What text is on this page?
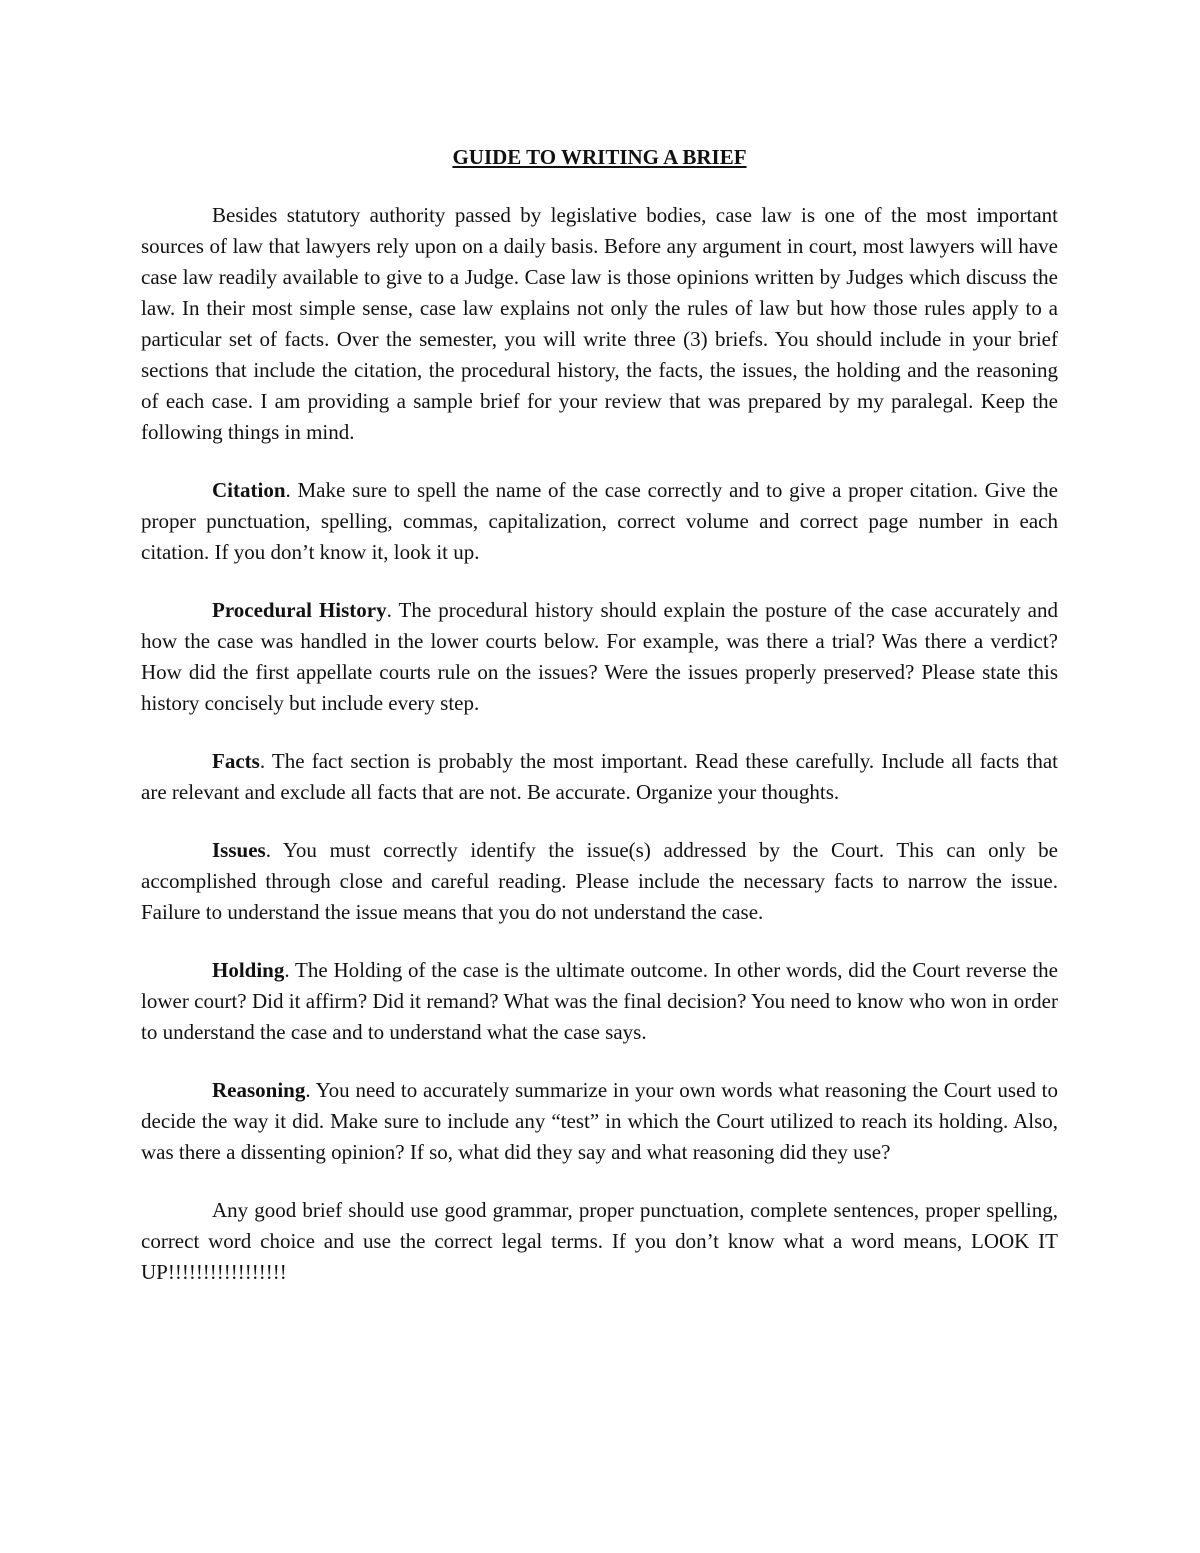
GUIDE TO WRITING A BRIEF

Besides statutory authority passed by legislative bodies, case law is one of the most important sources of law that lawyers rely upon on a daily basis. Before any argument in court, most lawyers will have case law readily available to give to a Judge. Case law is those opinions written by Judges which discuss the law. In their most simple sense, case law explains not only the rules of law but how those rules apply to a particular set of facts. Over the semester, you will write three (3) briefs. You should include in your brief sections that include the citation, the procedural history, the facts, the issues, the holding and the reasoning of each case. I am providing a sample brief for your review that was prepared by my paralegal. Keep the following things in mind.

Citation. Make sure to spell the name of the case correctly and to give a proper citation. Give the proper punctuation, spelling, commas, capitalization, correct volume and correct page number in each citation. If you don’t know it, look it up.

Procedural History. The procedural history should explain the posture of the case accurately and how the case was handled in the lower courts below. For example, was there a trial? Was there a verdict? How did the first appellate courts rule on the issues? Were the issues properly preserved? Please state this history concisely but include every step.

Facts. The fact section is probably the most important. Read these carefully. Include all facts that are relevant and exclude all facts that are not. Be accurate. Organize your thoughts.

Issues. You must correctly identify the issue(s) addressed by the Court. This can only be accomplished through close and careful reading. Please include the necessary facts to narrow the issue. Failure to understand the issue means that you do not understand the case.

Holding. The Holding of the case is the ultimate outcome. In other words, did the Court reverse the lower court? Did it affirm? Did it remand? What was the final decision? You need to know who won in order to understand the case and to understand what the case says.

Reasoning. You need to accurately summarize in your own words what reasoning the Court used to decide the way it did. Make sure to include any “test” in which the Court utilized to reach its holding. Also, was there a dissenting opinion? If so, what did they say and what reasoning did they use?

Any good brief should use good grammar, proper punctuation, complete sentences, proper spelling, correct word choice and use the correct legal terms. If you don’t know what a word means, LOOK IT UP!!!!!!!!!!!!!!!!!
